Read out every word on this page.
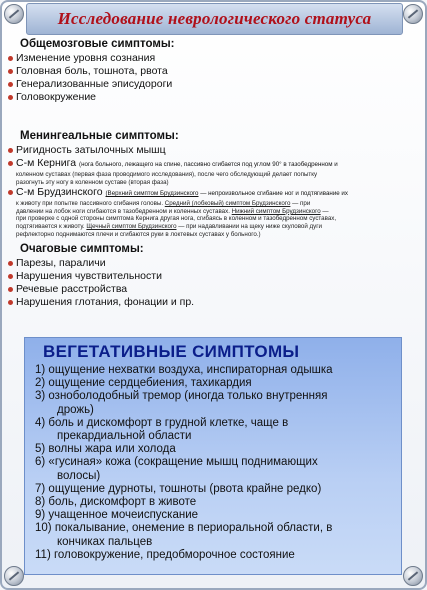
Исследование неврологического статуса
Общемозговые симптомы:
Изменение уровня сознания
Головная боль, тошнота, рвота
Генерализованные эписудороги
Головокружение
Менингеальные симптомы:
Ригидность затылочных мышц
С-м Кернига (нога больного, лежащего на спине, пассивно сгибается под углом 90° в тазобедренном и
коленном суставах (первая фаза проводимого исследования), после чего обследующий делает попытку
разогнуть эту ногу в коленном суставе (вторая фаза)
С-м Брудзинского (Верхний симптом Брудзинского — непроизвольное сгибание ног и подтягивание их
к животу при попытке пассивного сгибания головы. Средний (лобковый) симптом Брудзинского — при
давлении на лобок ноги сгибаются в тазобедренном и коленных суставах. Нижний симптом Брудзинского —
при проверке с одной стороны симптома Кернига другая нога, сгибаясь в коленном и тазобедренном суставах,
подтягивается к животу. Щечный симптом Брудзинского — при надавливании на щеку ниже скуловой дуги
рефлекторно поднимаются плечи и сгибаются руки в локтевых суставах у больного.)
Очаговые симптомы:
Парезы, параличи
Нарушения чувствительности
Речевые расстройства
Нарушения глотания, фонации и пр.
ВЕГЕТАТИВНЫЕ СИМПТОМЫ
1) ощущение нехватки воздуха, инспираторная одышка
2) ощущение сердцебиения, тахикардия
3) озноболодобный тремор (иногда только внутренняя
дрожь)
4) боль и дискомфорт в грудной клетке, чаще в
прекардиальной области
5) волны жара или холода
6) «гусиная» кожа (сокращение мышц поднимающих
волосы)
7) ощущение дурноты, тошноты (рвота крайне редко)
8) боль, дискомфорт в животе
9) учащенное мочеиспускание
10) покалывание, онемение в периоральной области, в
кончиках пальцев
11) головокружение, предобморочное состояние
